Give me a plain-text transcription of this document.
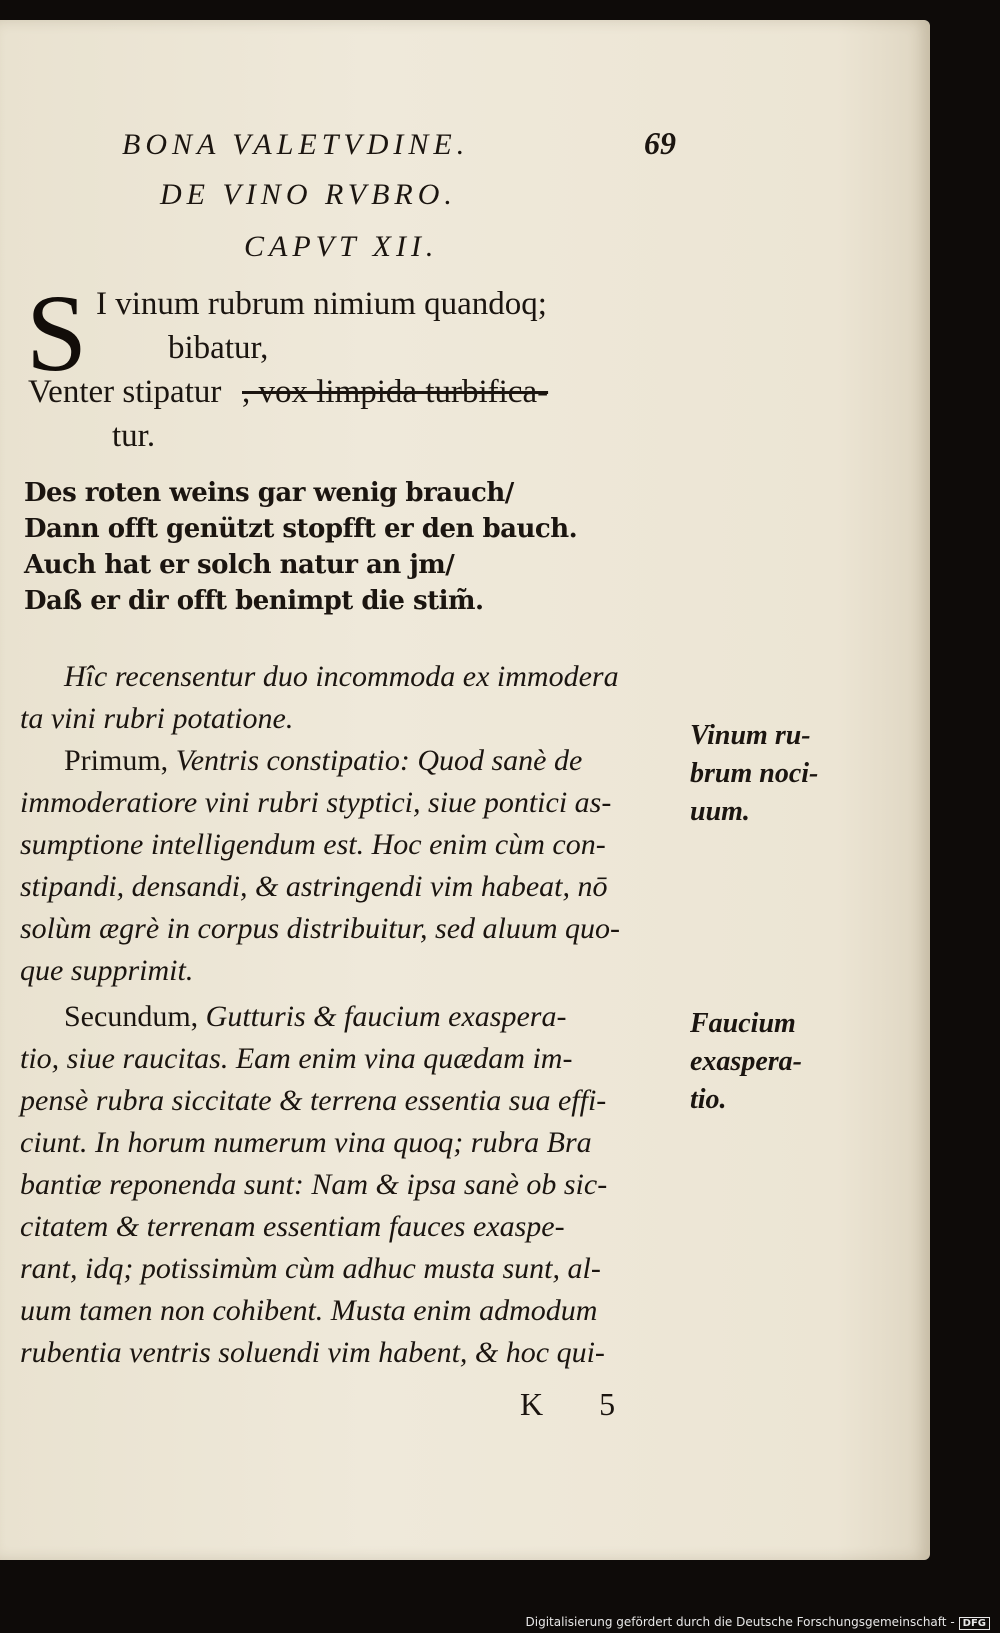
BONA VALETVDINE.	69
DE VINO RVBRO.
CAPVT XII.
S I vinum rubrum nimium quandoq;
bibatur,
Venter stipatur , vox limpida turbifica-
tur.
Des roten weins gar wenig brauch/
Dann offt genützt stopfft er den bauch.
Auch hat er solch natur an jm/
Daß er dir offt benimpt die stim̃.
Hîc recensentur duo incommoda ex immodera
ta vini rubri potatione.
Primum, Ventris constipatio: Quod sanè de
immoderatiore vini rubri styptici, siue pontici as-
sumptione intelligendum est. Hoc enim cùm con-
stipandi, densandi, & astringendi vim habeat, nō
solùm ægrè in corpus distribuitur, sed aluum quo-
que supprimit.
Secundum, Gutturis & faucium exaspera-
tio, siue raucitas. Eam enim vina quædam im-
pensè rubra siccitate & terrena essentia sua effi-
ciunt. In horum numerum vina quoq; rubra Bra
bantiæ reponenda sunt: Nam & ipsa sanè ob sic-
citatem & terrenam essentiam fauces exaspe-
rant, idq; potissimùm cùm adhuc musta sunt, al-
uum tamen non cohibent. Musta enim admodum
rubentia ventris soluendi vim habent, & hoc qui-
Vinum ru-
brum noci-
uum.
Faucium
exaspera-
tio.
K 5
Digitalisierung gefördert durch die Deutsche Forschungsgemeinschaft - DFG
